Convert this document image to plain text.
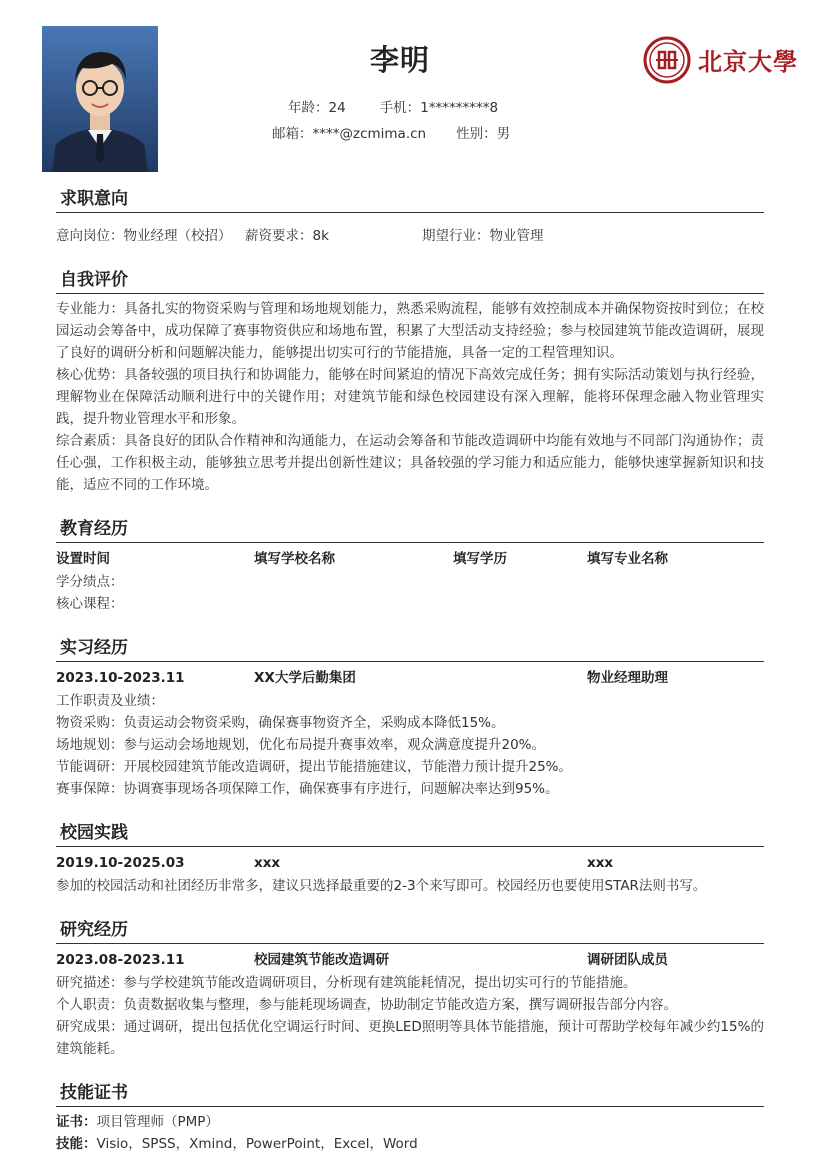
李明
年龄：24	手机：1*********8
邮箱：****@zcmima.cn 性别：男
北京大學
求职意向
意向岗位：物业经理（校招） 薪资要求：8k	期望行业：物业管理
自我评价
专业能力：具备扎实的物资采购与管理和场地规划能力，熟悉采购流程，能够有效控制成本并确保物资按时到位；在校园运动会筹备中，成功保障了赛事物资供应和场地布置，积累了大型活动支持经验；参与校园建筑节能改造调研，展现了良好的调研分析和问题解决能力，能够提出切实可行的节能措施，具备一定的工程管理知识。
核心优势：具备较强的项目执行和协调能力，能够在时间紧迫的情况下高效完成任务；拥有实际活动策划与执行经验，理解物业在保障活动顺利进行中的关键作用；对建筑节能和绿色校园建设有深入理解，能将环保理念融入物业管理实践，提升物业管理水平和形象。
综合素质：具备良好的团队合作精神和沟通能力，在运动会筹备和节能改造调研中均能有效地与不同部门沟通协作；责任心强，工作积极主动，能够独立思考并提出创新性建议；具备较强的学习能力和适应能力，能够快速掌握新知识和技能，适应不同的工作环境。
教育经历
设置时间	填写学校名称	填写学历	填写专业名称
学分绩点：
核心课程：
实习经历
2023.10-2023.11	XX大学后勤集团	物业经理助理
工作职责及业绩：
物资采购：负责运动会物资采购，确保赛事物资齐全，采购成本降低15%。
场地规划：参与运动会场地规划，优化布局提升赛事效率，观众满意度提升20%。
节能调研：开展校园建筑节能改造调研，提出节能措施建议，节能潜力预计提升25%。
赛事保障：协调赛事现场各项保障工作，确保赛事有序进行，问题解决率达到95%。
校园实践
2019.10-2025.03	xxx	xxx
参加的校园活动和社团经历非常多，建议只选择最重要的2-3个来写即可。校园经历也要使用STAR法则书写。
研究经历
2023.08-2023.11	校园建筑节能改造调研	调研团队成员
研究描述：参与学校建筑节能改造调研项目，分析现有建筑能耗情况，提出切实可行的节能措施。
个人职责：负责数据收集与整理，参与能耗现场调查，协助制定节能改造方案，撰写调研报告部分内容。
研究成果：通过调研，提出包括优化空调运行时间、更换LED照明等具体节能措施，预计可帮助学校每年减少约15%的建筑能耗。
技能证书
证书：项目管理师（PMP）
技能：Visio，SPSS，Xmind，PowerPoint，Excel，Word
